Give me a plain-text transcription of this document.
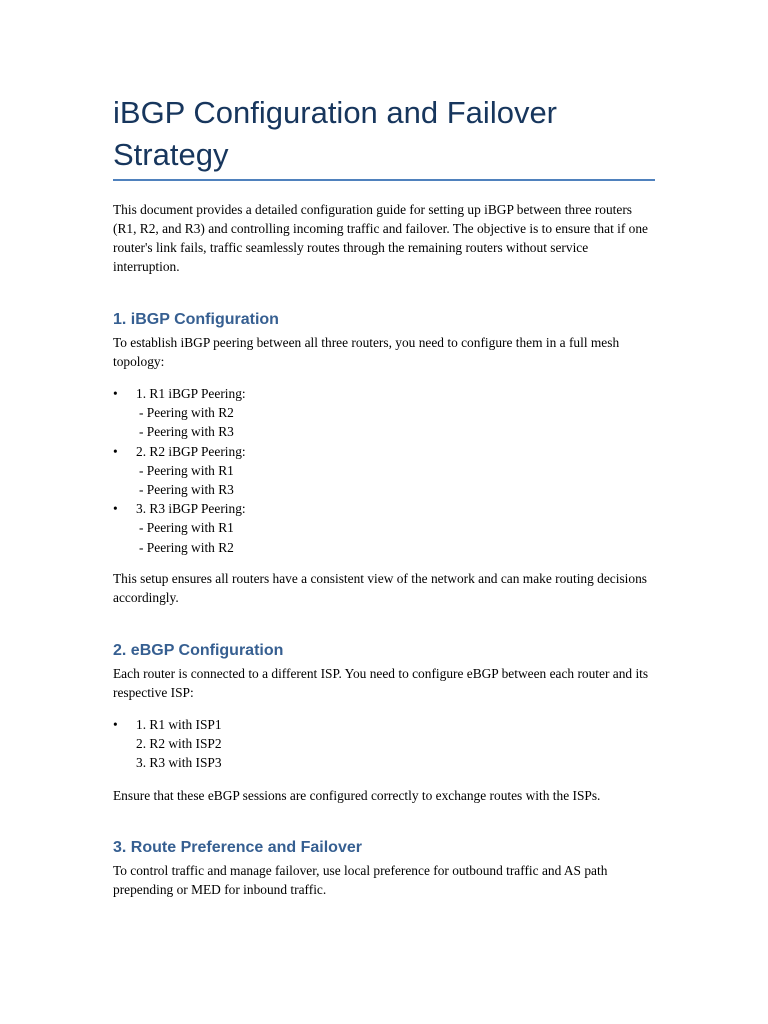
iBGP Configuration and Failover Strategy

This document provides a detailed configuration guide for setting up iBGP between three routers (R1, R2, and R3) and controlling incoming traffic and failover. The objective is to ensure that if one router's link fails, traffic seamlessly routes through the remaining routers without service interruption.

1. iBGP Configuration

To establish iBGP peering between all three routers, you need to configure them in a full mesh topology:

• 1. R1 iBGP Peering:
- Peering with R2
- Peering with R3
• 2. R2 iBGP Peering:
- Peering with R1
- Peering with R3
• 3. R3 iBGP Peering:
- Peering with R1
- Peering with R2

This setup ensures all routers have a consistent view of the network and can make routing decisions accordingly.

2. eBGP Configuration

Each router is connected to a different ISP. You need to configure eBGP between each router and its respective ISP:

• 1. R1 with ISP1
2. R2 with ISP2
3. R3 with ISP3

Ensure that these eBGP sessions are configured correctly to exchange routes with the ISPs.

3. Route Preference and Failover

To control traffic and manage failover, use local preference for outbound traffic and AS path prepending or MED for inbound traffic.
